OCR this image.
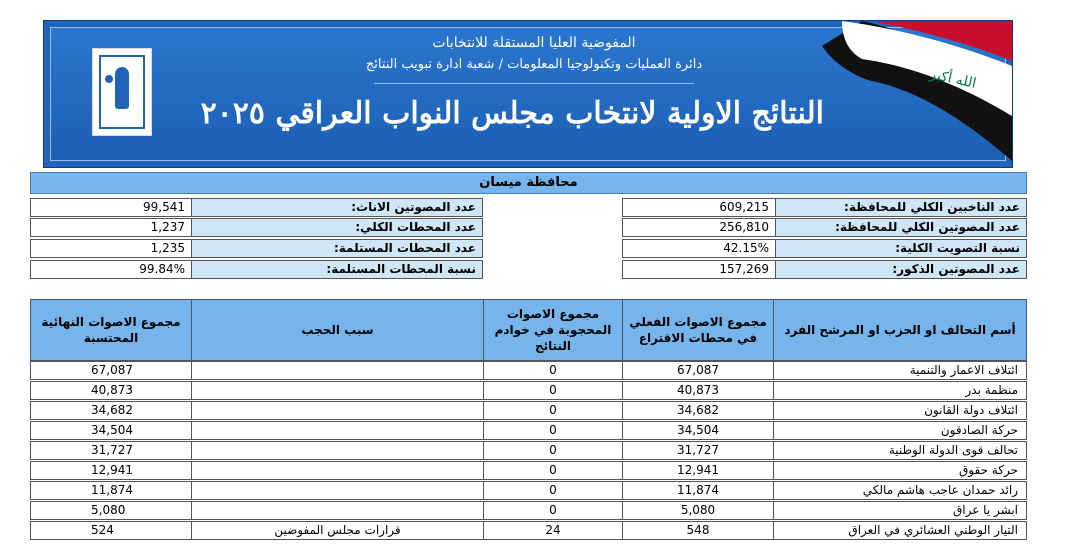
الله أكبر
المفوضية العليا المستقلة للانتخابات
دائرة العمليات وتكنولوجيا المعلومات / شعبة ادارة تبويب النتائج
النتائج الاولية لانتخاب مجلس النواب العراقي ٢٠٢٥
محافظة ميسان
عدد الناخبين الكلي للمحافظة:
609,215
عدد المصوتين الكلي للمحافظة:
256,810
نسبة التصويت الكلية:
42.15%
عدد المصوتين الذكور:
157,269
عدد المصوتين الاناث:
99,541
عدد المحطات الكلي:
1,237
عدد المحطات المستلمة:
1,235
نسبة المحطات المستلمة:
99.84%
أسم التحالف او الحزب او المرشح الفرد
مجموع الاصوات الفعلي في محطات الاقتراع
مجموع الاصوات المحجوبة في خوادم النتائج
سبب الحجب
مجموع الاصوات النهائية المحتسبة
ائتلاف الاعمار والتنمية
67,087
0
67,087
منظمة بدر
40,873
0
40,873
ائتلاف دولة القانون
34,682
0
34,682
حركة الصادقون
34,504
0
34,504
تحالف قوى الدولة الوطنية
31,727
0
31,727
حركة حقوق
12,941
0
12,941
رائد حمدان عاجب هاشم مالكي
11,874
0
11,874
ابشر يا عراق
5,080
0
5,080
التيار الوطني العشائري في العراق
548
24
قرارات مجلس المفوضين
524
